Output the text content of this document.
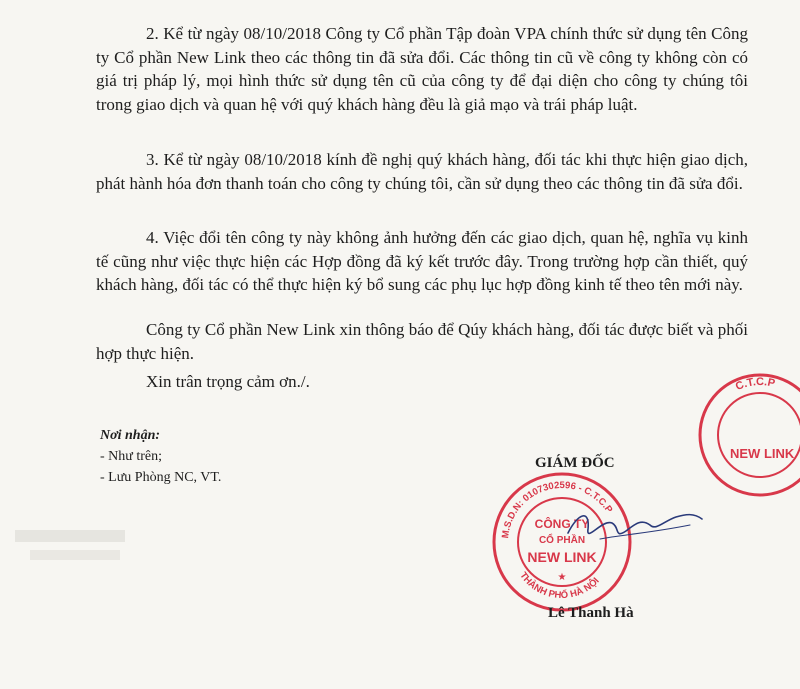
2. Kể từ ngày 08/10/2018 Công ty Cổ phần Tập đoàn VPA chính thức sử dụng tên Công ty Cổ phần New Link theo các thông tin đã sửa đổi. Các thông tin cũ về công ty không còn có giá trị pháp lý, mọi hình thức sử dụng tên cũ của công ty để đại diện cho công ty chúng tôi trong giao dịch và quan hệ với quý khách hàng đều là giả mạo và trái pháp luật.
3. Kể từ ngày 08/10/2018 kính đề nghị quý khách hàng, đối tác khi thực hiện giao dịch, phát hành hóa đơn thanh toán cho công ty chúng tôi, cần sử dụng theo các thông tin đã sửa đổi.
4. Việc đổi tên công ty này không ảnh hưởng đến các giao dịch, quan hệ, nghĩa vụ kinh tế cũng như việc thực hiện các Hợp đồng đã ký kết trước đây. Trong trường hợp cần thiết, quý khách hàng, đối tác có thể thực hiện ký bổ sung các phụ lục hợp đồng kinh tế theo tên mới này.
Công ty Cổ phần New Link xin thông báo để Qúy khách hàng, đối tác được biết và phối hợp thực hiện.
Xin trân trọng cảm ơn./.
Nơi nhận:
- Như trên;
- Lưu Phòng NC, VT.
C.T.C.P
NEW LINK
GIÁM ĐỐC
M.S.D.N: 0107302596 - C.T.C.P
THÀNH PHỐ HÀ NỘI
CÔNG TY
CỔ PHẦN
NEW LINK
★
Lê Thanh Hà
